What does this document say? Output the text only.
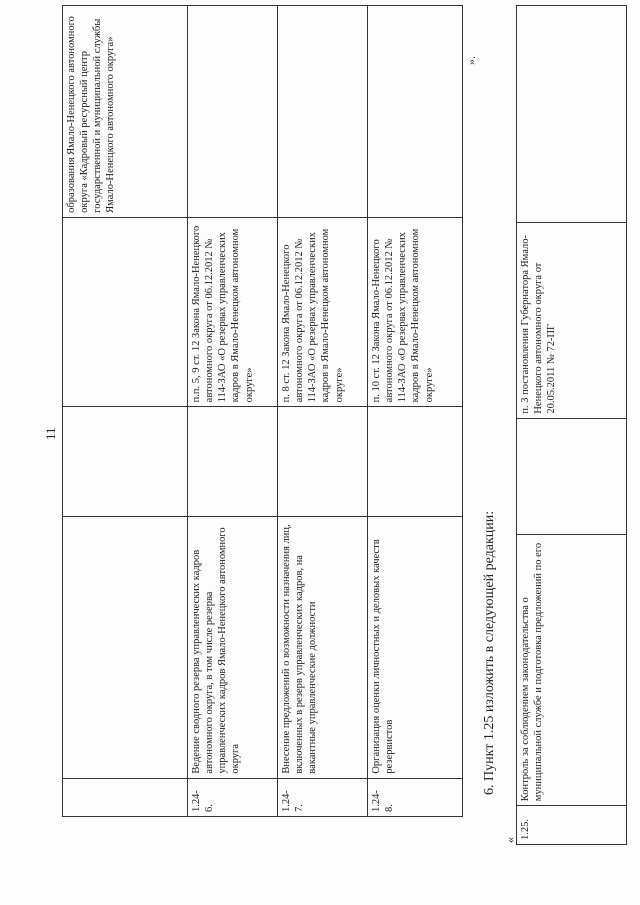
11
				образования Ямало-Ненецкого автономного округа «Кадровый ресурсный центр государственной и муниципальной службы Ямало-Ненецкого автономного округа»
1.24-6.	Ведение сводного резерва управленческих кадров автономного округа, в том числе резерва управленческих кадров Ямало-Ненецкого автономного округа		п.п. 5, 9 ст. 12 Закона Ямало-Ненецкого автономного округа от 06.12.2012 № 114-ЗАО «О резервах управленческих кадров в Ямало-Ненецком автономном округе»	
1.24-7.	Внесение предложений о возможности назначения лиц, включенных в резерв управленческих кадров, на вакантные управленческие должности		п. 8 ст. 12 Закона Ямало-Ненецкого автономного округа от 06.12.2012 № 114-ЗАО «О резервах управленческих кадров в Ямало-Ненецком автономном округе»	
1.24-8.	Организация оценки личностных и деловых качеств резервистов		п. 10 ст. 12 Закона Ямало-Ненецкого автономного округа от 06.12.2012 № 114-ЗАО «О резервах управленческих кадров в Ямало-Ненецком автономном округе»	
».
6. Пункт 1.25 изложить в следующей редакции:
« 1.25.	Контроль за соблюдением законодательства о муниципальной службе и подготовка предложений по его		п. 3 постановления Губернатора Ямало-Ненецкого автономного округа от 20.05.2011 № 72-ПГ	
